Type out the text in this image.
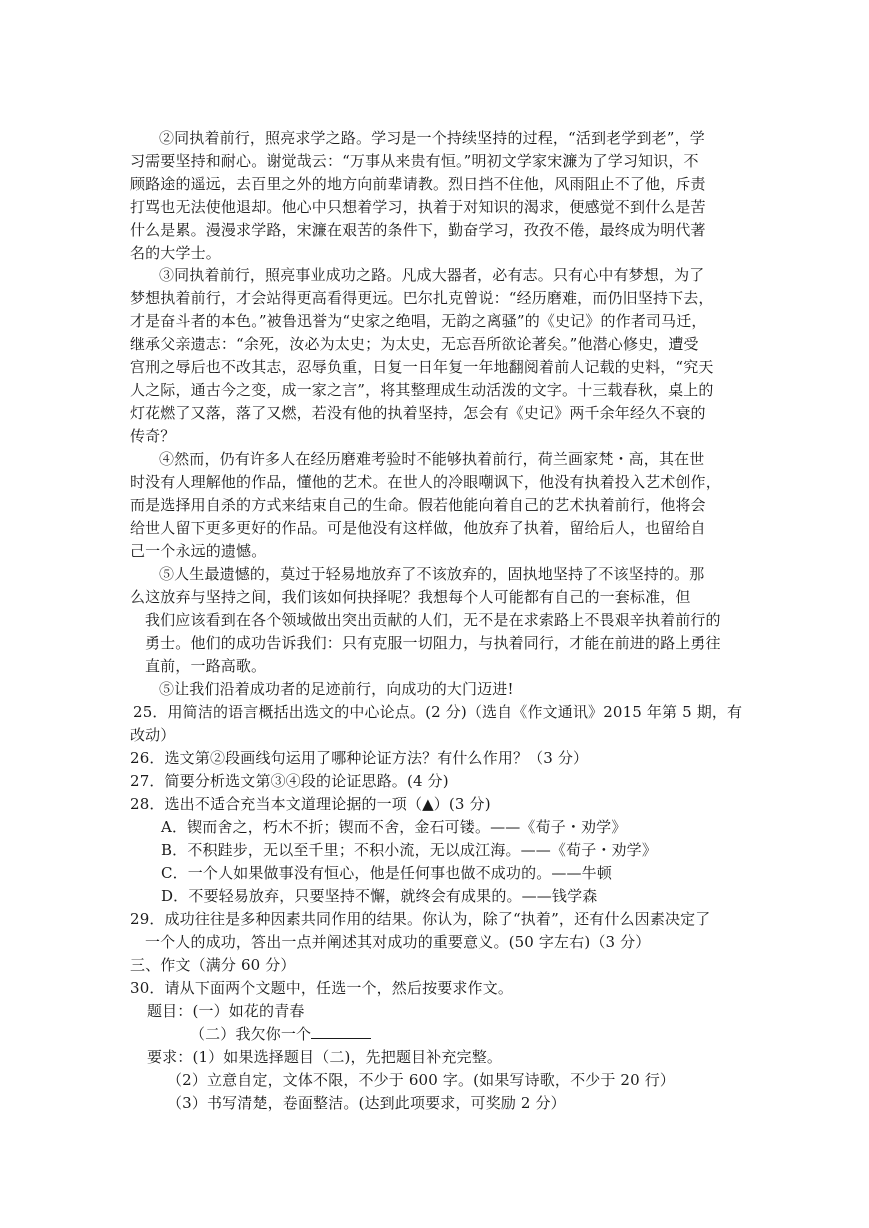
②同执着前行，照亮求学之路。学习是一个持续坚持的过程，“活到老学到老”，学
习需要坚持和耐心。谢觉哉云：“万事从来贵有恒。”明初文学家宋濂为了学习知识，不
顾路途的遥远，去百里之外的地方向前辈请教。烈日挡不住他，风雨阻止不了他，斥责
打骂也无法使他退却。他心中只想着学习，执着于对知识的渴求，便感觉不到什么是苦
什么是累。漫漫求学路，宋濂在艰苦的条件下，勤奋学习，孜孜不倦，最终成为明代著
名的大学士。
③同执着前行，照亮事业成功之路。凡成大器者，必有志。只有心中有梦想，为了
梦想执着前行，才会站得更高看得更远。巴尔扎克曾说：“经历磨难，而仍旧坚持下去，
才是奋斗者的本色。”被鲁迅誉为“史家之绝唱，无韵之离骚”的《史记》的作者司马迁，
继承父亲遗志：“余死，汝必为太史；为太史，无忘吾所欲论著矣。”他潜心修史，遭受
宫刑之辱后也不改其志，忍辱负重，日复一日年复一年地翻阅着前人记载的史料，“究天
人之际，通古今之变，成一家之言”，将其整理成生动活泼的文字。十三载春秋，桌上的
灯花燃了又落，落了又燃，若没有他的执着坚持，怎会有《史记》两千余年经久不衰的
传奇？
④然而，仍有许多人在经历磨难考验时不能够执着前行，荷兰画家梵・高，其在世
时没有人理解他的作品，懂他的艺术。在世人的冷眼嘲讽下，他没有执着投入艺术创作，
而是选择用自杀的方式来结束自己的生命。假若他能向着自己的艺术执着前行，他将会
给世人留下更多更好的作品。可是他没有这样做，他放弃了执着，留给后人，也留给自
己一个永远的遗憾。
⑤人生最遗憾的，莫过于轻易地放弃了不该放弃的，固执地坚持了不该坚持的。那
么这放弃与坚持之间，我们该如何抉择呢？我想每个人可能都有自己的一套标准，但
我们应该看到在各个领域做出突出贡献的人们，无不是在求索路上不畏艰辛执着前行的
勇士。他们的成功告诉我们：只有克服一切阻力，与执着同行，才能在前进的路上勇往
直前，一路高歌。
⑤让我们沿着成功者的足迹前行，向成功的大门迈进!
25．用简洁的语言概括出选文的中心论点。(2 分)（选自《作文通讯》2015 年第 5 期，有
改动）
26．选文第②段画线句运用了哪种论证方法？有什么作用？（3 分）
27．简要分析选文第③④段的论证思路。(4 分)
28．选出不适合充当本文道理论据的一项（▲）(3 分)
A．锲而舍之，朽木不折；锲而不舍，金石可镂。——《荀子・劝学》
B．不积跬步，无以至千里；不积小流，无以成江海。——《荀子・劝学》
C．一个人如果做事没有恒心，他是任何事也做不成功的。——牛顿
D．不要轻易放弃，只要坚持不懈，就终会有成果的。——钱学森
29．成功往往是多种因素共同作用的结果。你认为，除了“执着”，还有什么因素决定了
一个人的成功，答出一点并阐述其对成功的重要意义。(50 字左右)（3 分）
三、作文（满分 60 分）
30．请从下面两个文题中，任选一个，然后按要求作文。
题目：(一）如花的青春
（二）我欠你一个
要求：(1）如果选择题目（二)，先把题目补充完整。
（2）立意自定，文体不限，不少于 600 字。(如果写诗歌，不少于 20 行）
（3）书写清楚，卷面整洁。(达到此项要求，可奖励 2 分）
